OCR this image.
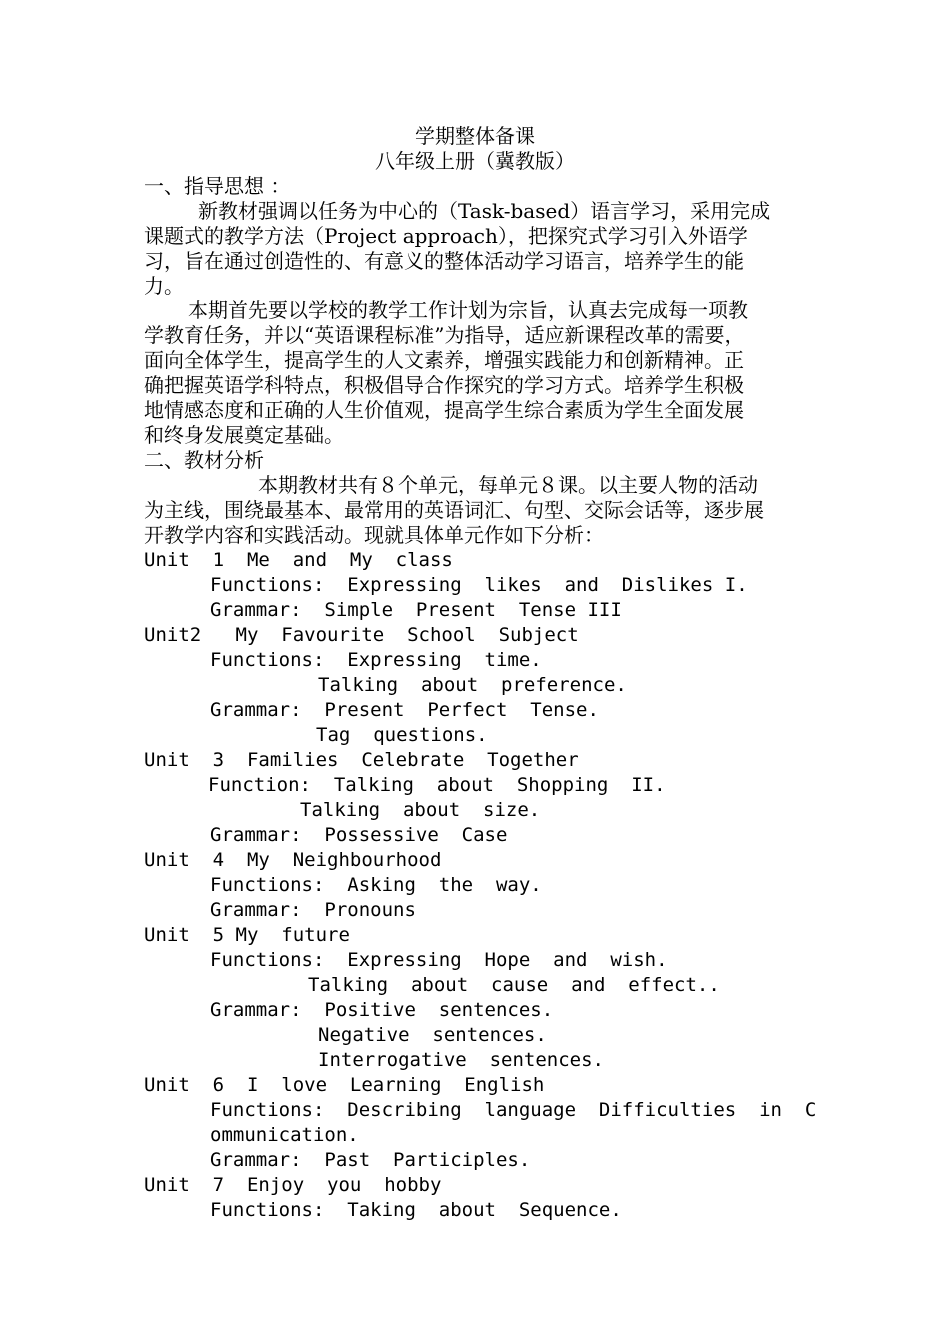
学期整体备课
八年级上册（冀教版）
一、指导思想 ：
新教材强调以任务为中心的（Task-based）语言学习，采用完成
课题式的教学方法（Project approach），把探究式学习引入外语学
习，旨在通过创造性的、有意义的整体活动学习语言，培养学生的能
力。
本期首先要以学校的教学工作计划为宗旨，认真去完成每一项教
学教育任务，并以“英语课程标准”为指导，适应新课程改革的需要，
面向全体学生，提高学生的人文素养，增强实践能力和创新精神。正
确把握英语学科特点，积极倡导合作探究的学习方式。培养学生积极
地情感态度和正确的人生价值观，提高学生综合素质为学生全面发展
和终身发展奠定基础。
二、教材分析
本期教材共有８个单元，每单元８课。以主要人物的活动
为主线，围绕最基本、最常用的英语词汇、句型、交际会话等，逐步展
开教学内容和实践活动。现就具体单元作如下分析：
Unit  1  Me  and  My  class
Functions:  Expressing  likes  and  Dislikes I.
Grammar:  Simple  Present  Tense III
Unit2   My  Favourite  School  Subject
Functions:  Expressing  time.
Talking  about  preference.
Grammar:  Present  Perfect  Tense.
Tag  questions.
Unit  3  Families  Celebrate  Together
Function:  Talking  about  Shopping  II.
Talking  about  size.
Grammar:  Possessive  Case
Unit  4  My  Neighbourhood
Functions:  Asking  the  way.
Grammar:  Pronouns
Unit  5 My  future
Functions:  Expressing  Hope  and  wish.
Talking  about  cause  and  effect..
Grammar:  Positive  sentences.
Negative  sentences.
Interrogative  sentences.
Unit  6  I  love  Learning  English
Functions:  Describing  language  Difficulties  in  C
ommunication.
Grammar:  Past  Participles.
Unit  7  Enjoy  you  hobby
Functions:  Taking  about  Sequence.
